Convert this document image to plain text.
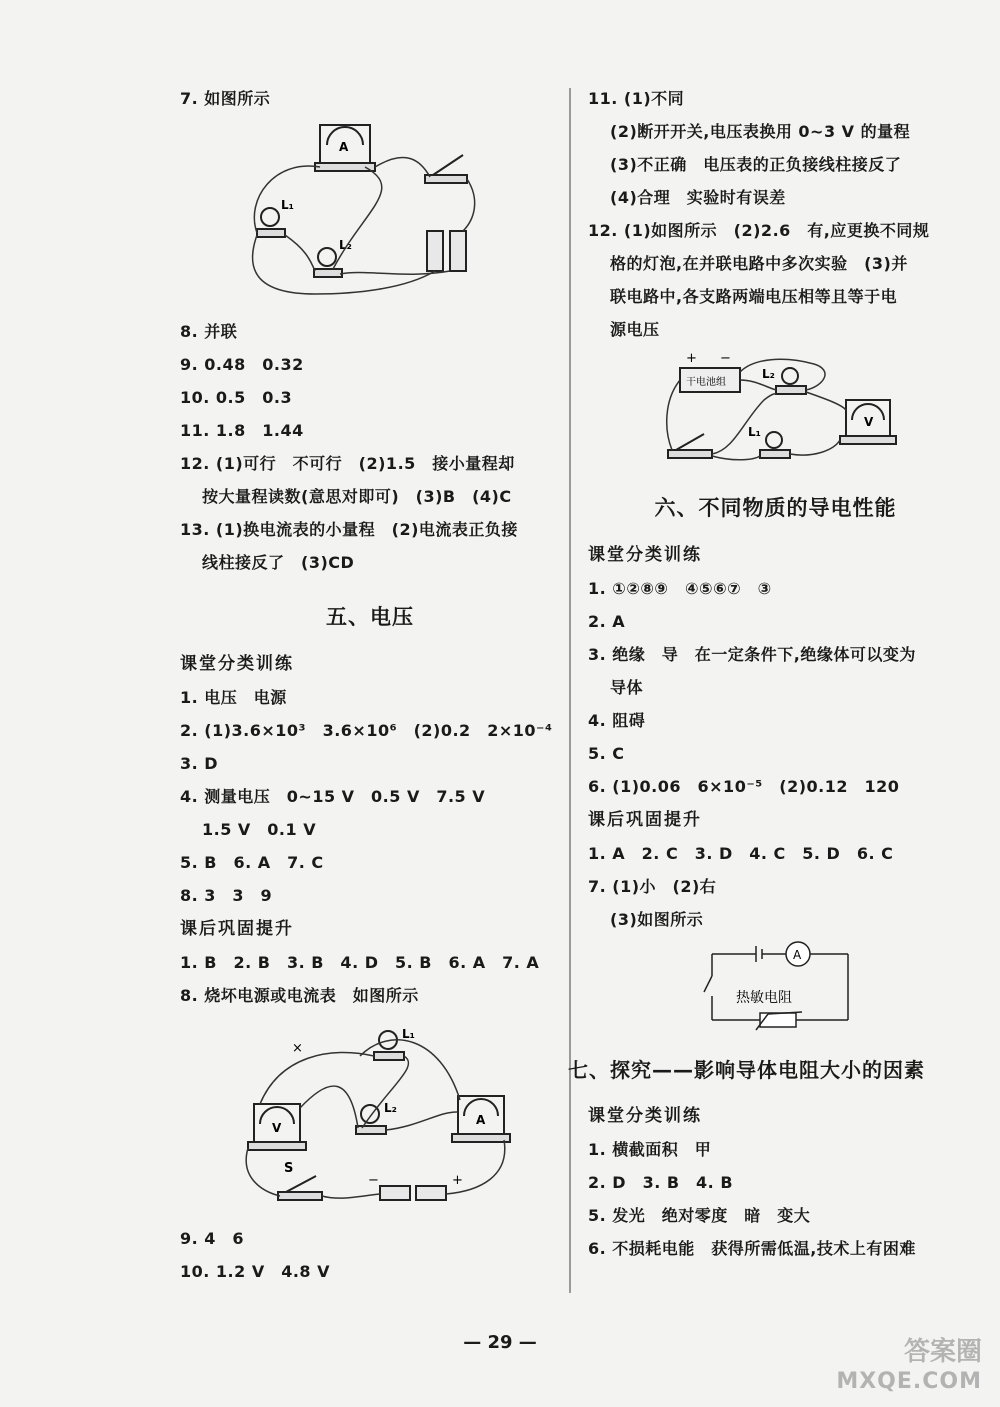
7. 如图所示
A
L₁
L₂
8. 并联
9. 0.48　0.32
10. 0.5　0.3
11. 1.8　1.44
12. (1)可行　不可行　(2)1.5　接小量程却
按大量程读数(意思对即可)　(3)B　(4)C
13. (1)换电流表的小量程　(2)电流表正负接
线柱接反了　(3)CD
五、电压
课堂分类训练
1. 电压　电源
2. (1)3.6×10³　3.6×10⁶　(2)0.2　2×10⁻⁴
3. D
4. 测量电压　0~15 V　0.5 V　7.5 V
1.5 V　0.1 V
5. B　6. A　7. C
8. 3　3　9
课后巩固提升
1. B　2. B　3. B　4. D　5. B　6. A　7. A
8. 烧坏电源或电流表　如图所示
L₁
×
V
L₂
A
S
−	+
9. 4　6
10. 1.2 V　4.8 V
11. (1)不同
(2)断开开关,电压表换用 0~3 V 的量程
(3)不正确　电压表的正负接线柱接反了
(4)合理　实验时有误差
12. (1)如图所示　(2)2.6　有,应更换不同规
格的灯泡,在并联电路中多次实验　(3)并
联电路中,各支路两端电压相等且等于电
源电压
+ −
干电池组
L₂
V
L₁
六、不同物质的导电性能
课堂分类训练
1. ①②⑧⑨　④⑤⑥⑦　③
2. A
3. 绝缘　导　在一定条件下,绝缘体可以变为
导体
4. 阻碍
5. C
6. (1)0.06　6×10⁻⁵　(2)0.12　120
课后巩固提升
1. A　2. C　3. D　4. C　5. D　6. C
7. (1)小　(2)右
(3)如图所示
A
热敏电阻
七、探究——影响导体电阻大小的因素
课堂分类训练
1. 横截面积　甲
2. D　3. B　4. B
5. 发光　绝对零度　暗　变大
6. 不损耗电能　获得所需低温,技术上有困难
— 29 —	答案圈
MXQE.COM
